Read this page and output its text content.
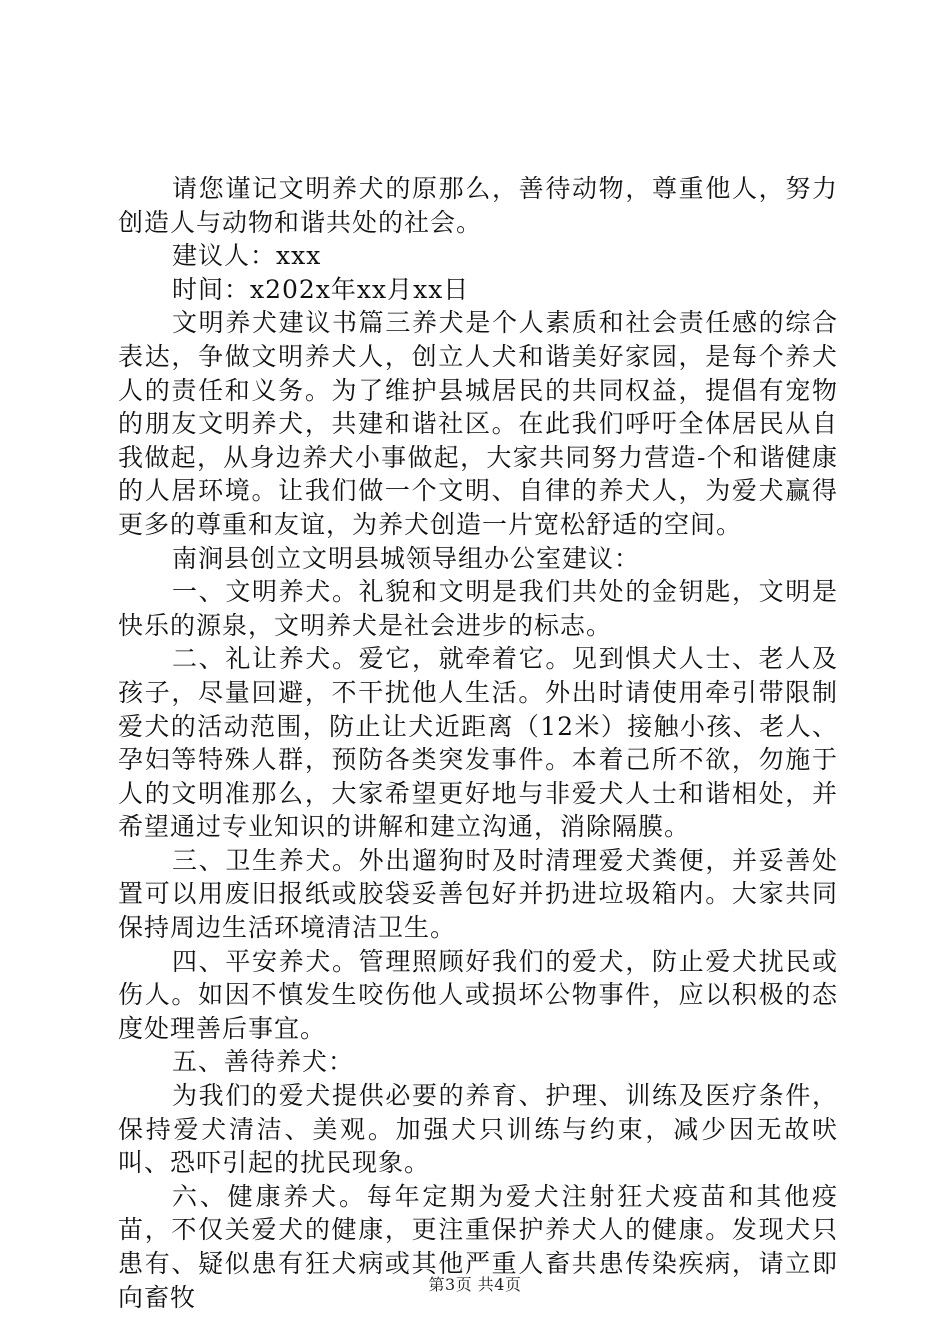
请您谨记文明养犬的原那么，善待动物，尊重他人，努力创造人与动物和谐共处的社会。

建议人：xxx

时间：x202x年xx月xx日

文明养犬建议书篇三养犬是个人素质和社会责任感的综合表达，争做文明养犬人，创立人犬和谐美好家园，是每个养犬人的责任和义务。为了维护县城居民的共同权益，提倡有宠物的朋友文明养犬，共建和谐社区。在此我们呼吁全体居民从自我做起，从身边养犬小事做起，大家共同努力营造-个和谐健康的人居环境。让我们做一个文明、自律的养犬人，为爱犬赢得更多的尊重和友谊，为养犬创造一片宽松舒适的空间。

南涧县创立文明县城领导组办公室建议：

一、文明养犬。礼貌和文明是我们共处的金钥匙，文明是快乐的源泉，文明养犬是社会进步的标志。

二、礼让养犬。爱它，就牵着它。见到惧犬人士、老人及孩子，尽量回避，不干扰他人生活。外出时请使用牵引带限制爱犬的活动范围，防止让犬近距离（12米）接触小孩、老人、孕妇等特殊人群，预防各类突发事件。本着己所不欲，勿施于人的文明准那么，大家希望更好地与非爱犬人士和谐相处，并希望通过专业知识的讲解和建立沟通，消除隔膜。

三、卫生养犬。外出遛狗时及时清理爱犬粪便，并妥善处置可以用废旧报纸或胶袋妥善包好并扔进垃圾箱内。大家共同保持周边生活环境清洁卫生。

四、平安养犬。管理照顾好我们的爱犬，防止爱犬扰民或伤人。如因不慎发生咬伤他人或损坏公物事件，应以积极的态度处理善后事宜。

五、善待养犬：

为我们的爱犬提供必要的养育、护理、训练及医疗条件，保持爱犬清洁、美观。加强犬只训练与约束，减少因无故吠叫、恐吓引起的扰民现象。

六、健康养犬。每年定期为爱犬注射狂犬疫苗和其他疫苗，不仅关爱犬的健康，更注重保护养犬人的健康。发现犬只患有、疑似患有狂犬病或其他严重人畜共患传染疾病，请立即向畜牧	第3页 共4页
